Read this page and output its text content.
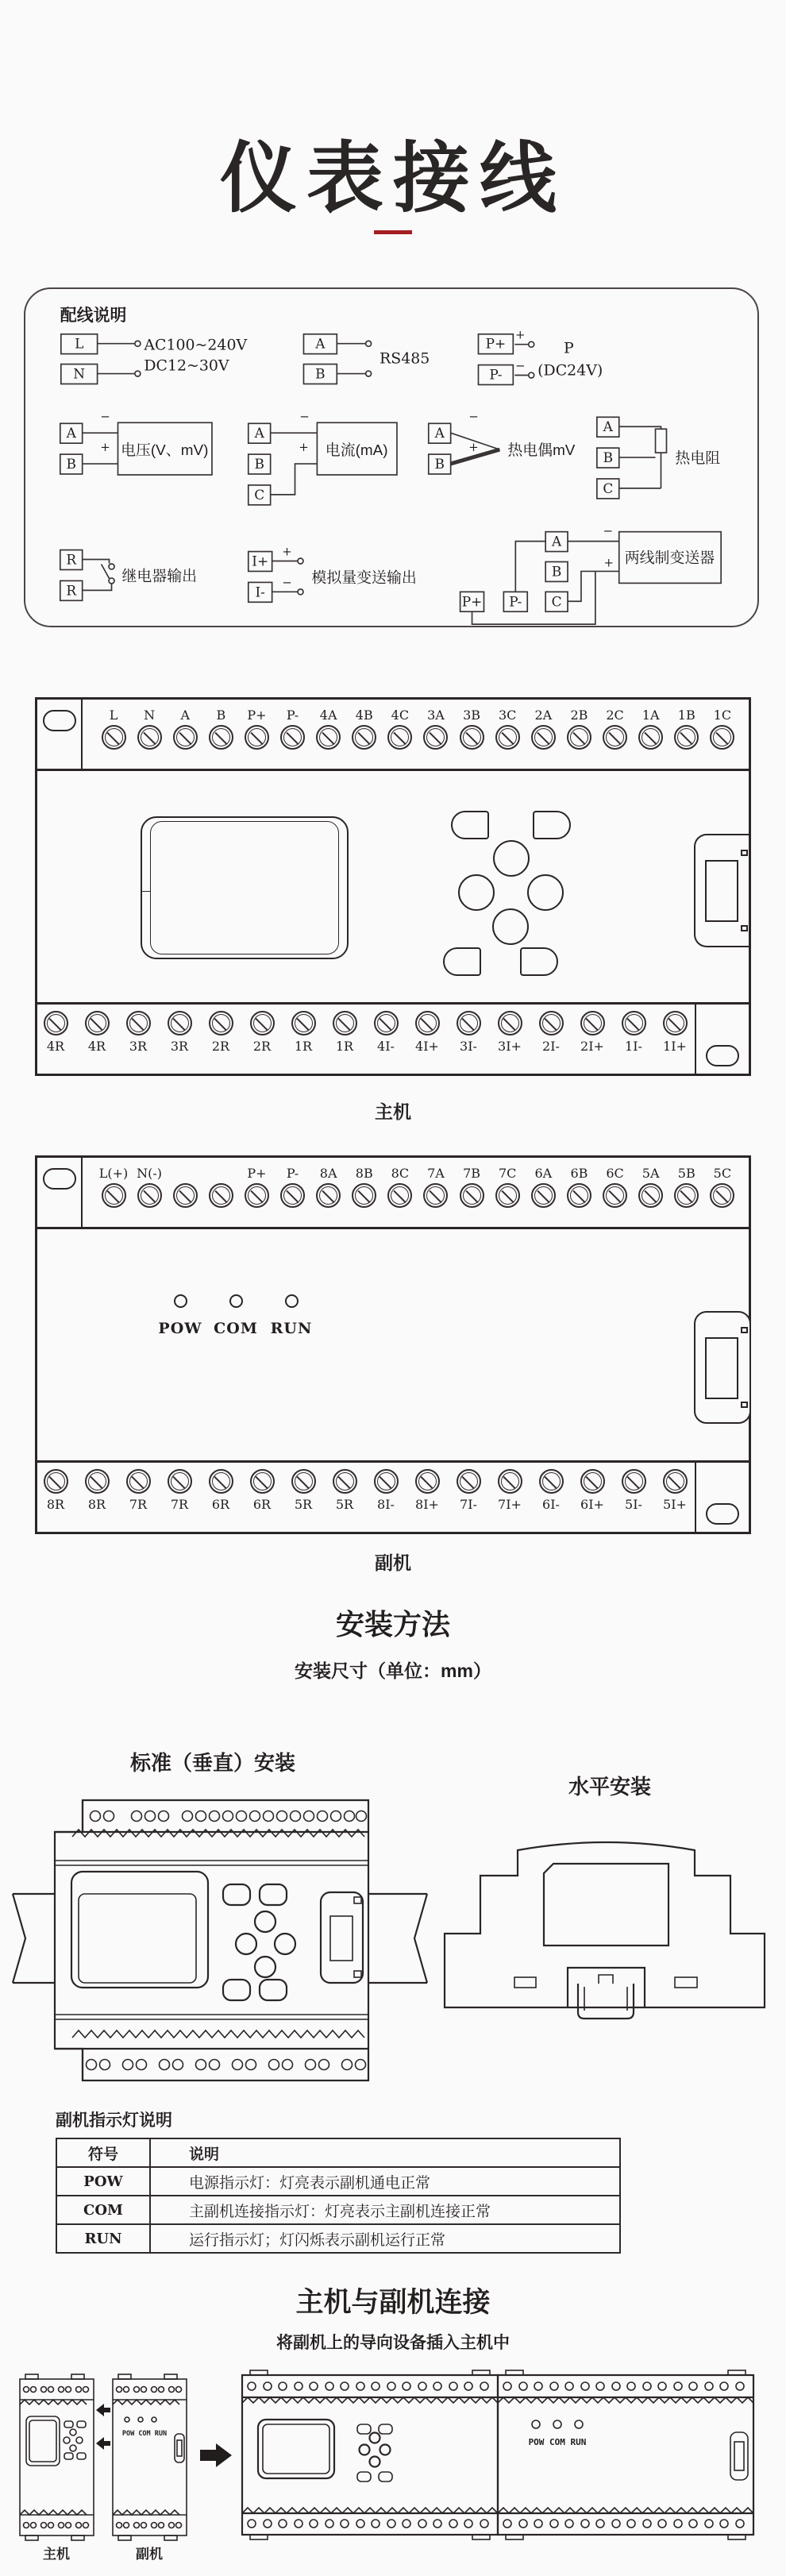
仪表接线
配线说明
L
N
AC100~240V
DC12~30V
A
B
RS485
P+
P-
+
−
P
(DC24V)
A
B
−
+ 电压(V、mV)
A
B
C
−
+ 电流(mA)
A
B
−
+ 热电偶mV
A
B
C
热电阻
R
R
继电器输出
I+
I-
+
− 模拟量变送输出
P+ P-
A
B
C
−
+ 两线制变送器
L N A B P+ P- 4A 4B 4C 3A 3B 3C 2A 2B 2C 1A 1B 1C
4R 4R 3R 3R 2R 2R 1R 1R 4I- 4I+ 3I- 3I+ 2I- 2I+ 1I- 1I+
主机
L(+) N(-)	P+ P- 8A 8B 8C 7A 7B 7C 6A 6B 6C 5A 5B 5C
POW COM RUN
8R 8R 7R 7R 6R 6R 5R 5R 8I- 8I+ 7I- 7I+ 6I- 6I+ 5I- 5I+
副机
安装方法
安装尺寸（单位：mm）
标准（垂直）安装
水平安装
副机指示灯说明
符号	说明
POW	电源指示灯：灯亮表示副机通电正常
COM	主副机连接指示灯：灯亮表示主副机连接正常
RUN	运行指示灯；灯闪烁表示副机运行正常
主机与副机连接
将副机上的导向设备插入主机中
POW COM RUN
POW COM RUN
主机	副机
